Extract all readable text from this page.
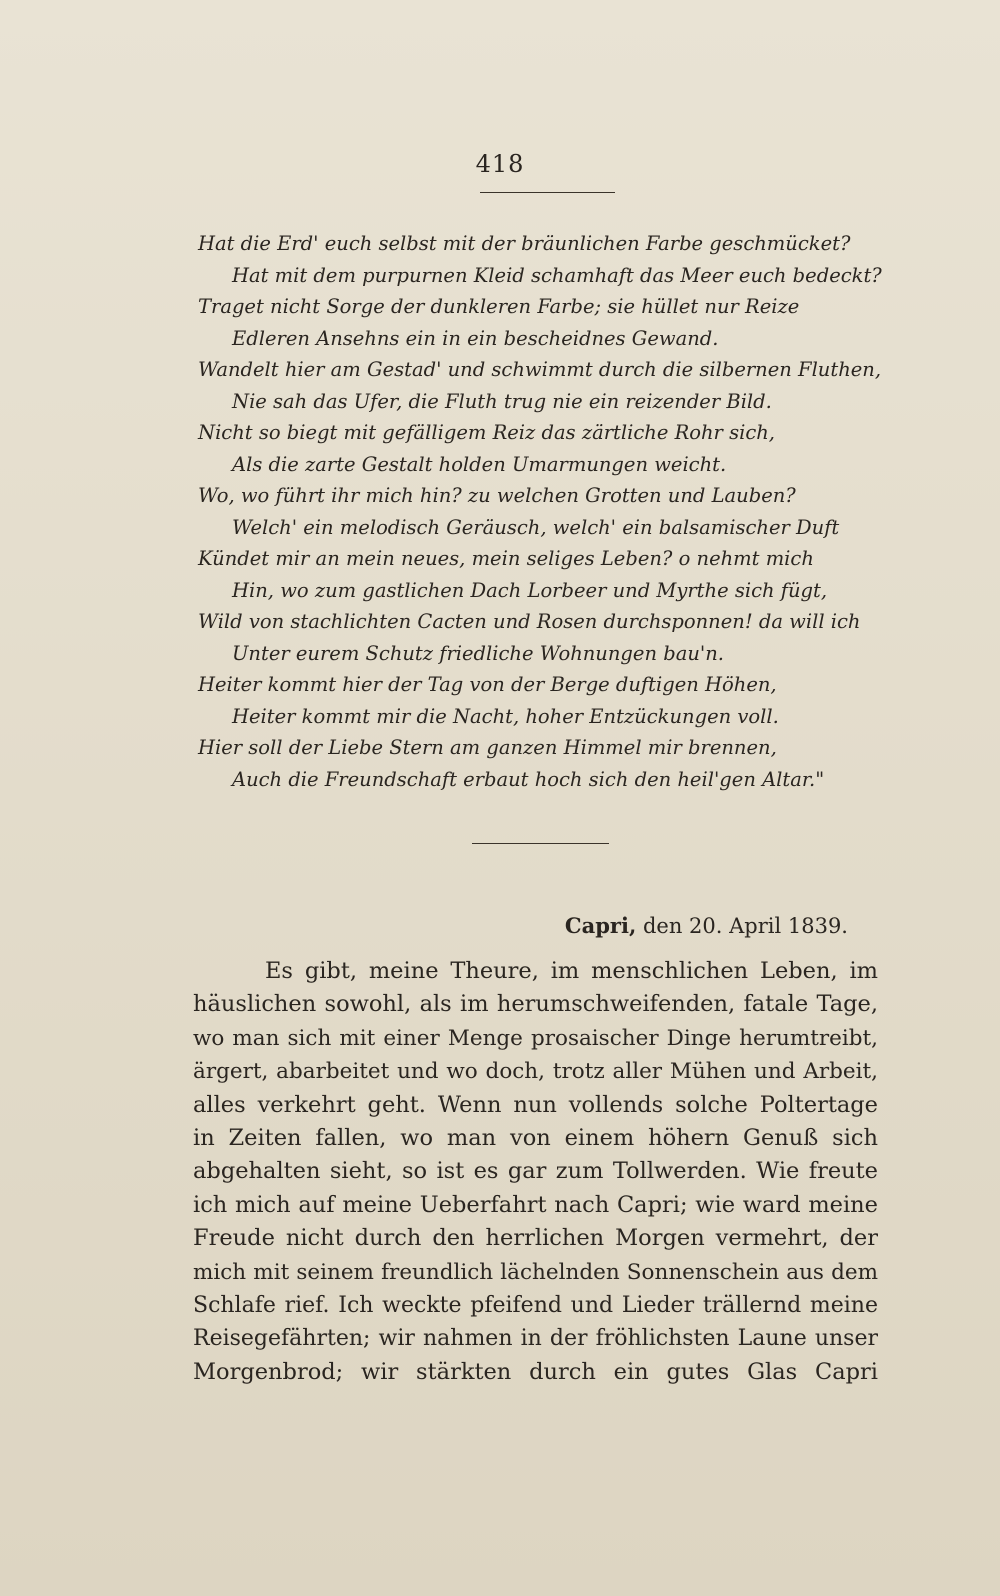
418
Hat die Erd' euch selbst mit der bräunlichen Farbe geschmücket?
Hat mit dem purpurnen Kleid schamhaft das Meer euch bedeckt?
Traget nicht Sorge der dunkleren Farbe; sie hüllet nur Reize
Edleren Ansehns ein in ein bescheidnes Gewand.
Wandelt hier am Gestad' und schwimmt durch die silbernen Fluthen,
Nie sah das Ufer, die Fluth trug nie ein reizender Bild.
Nicht so biegt mit gefälligem Reiz das zärtliche Rohr sich,
Als die zarte Gestalt holden Umarmungen weicht.
Wo, wo führt ihr mich hin? zu welchen Grotten und Lauben?
Welch' ein melodisch Geräusch, welch' ein balsamischer Duft
Kündet mir an mein neues, mein seliges Leben? o nehmt mich
Hin, wo zum gastlichen Dach Lorbeer und Myrthe sich fügt,
Wild von stachlichten Cacten und Rosen durchsponnen! da will ich
Unter eurem Schutz friedliche Wohnungen bau'n.
Heiter kommt hier der Tag von der Berge duftigen Höhen,
Heiter kommt mir die Nacht, hoher Entzückungen voll.
Hier soll der Liebe Stern am ganzen Himmel mir brennen,
Auch die Freundschaft erbaut hoch sich den heil'gen Altar."
Capri, den 20. April 1839.
Es gibt, meine Theure, im menschlichen Leben, im
häuslichen sowohl, als im herumschweifenden, fatale Tage,
wo man sich mit einer Menge prosaischer Dinge herumtreibt,
ärgert, abarbeitet und wo doch, trotz aller Mühen und Arbeit,
alles verkehrt geht. Wenn nun vollends solche Poltertage
in Zeiten fallen, wo man von einem höhern Genuß sich
abgehalten sieht, so ist es gar zum Tollwerden. Wie freute
ich mich auf meine Ueberfahrt nach Capri; wie ward meine
Freude nicht durch den herrlichen Morgen vermehrt, der
mich mit seinem freundlich lächelnden Sonnenschein aus dem
Schlafe rief. Ich weckte pfeifend und Lieder trällernd meine
Reisegefährten; wir nahmen in der fröhlichsten Laune unser
Morgenbrod; wir stärkten durch ein gutes Glas Capri
